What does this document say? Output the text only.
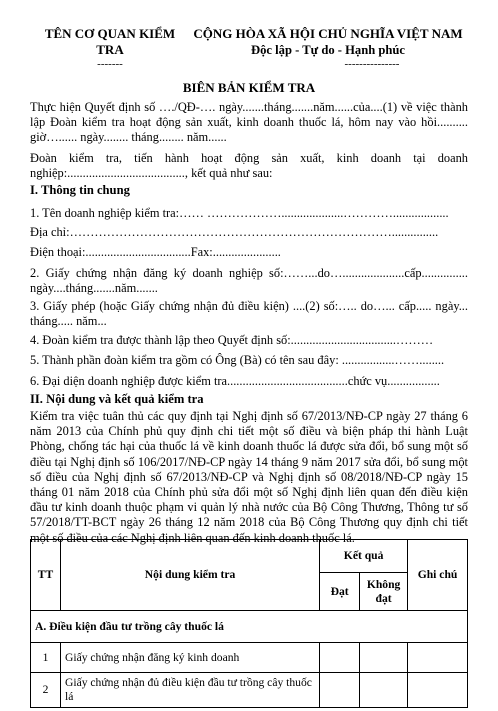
TÊN CƠ QUAN KIỂM TRA
-------
CỘNG HÒA XÃ HỘI CHỦ NGHĨA VIỆT NAM
Độc lập - Tự do - Hạnh phúc
---------------
BIÊN BẢN KIỂM TRA

Thực hiện Quyết định số …./QĐ-…. ngày.......tháng.......năm......của....(1) về việc thành lập Đoàn kiểm tra hoạt động sản xuất, kinh doanh thuốc lá, hôm nay vào hồi.......... giờ…...... ngày........ tháng........ năm......

Đoàn kiểm tra, tiến hành hoạt động sản xuất, kinh doanh tại doanh nghiệp:......................................, kết quả như sau:

I. Thông tin chung
1. Tên doanh nghiệp kiểm tra:…… ………………....................…………..................
Địa chỉ:……………………………………………………………………...............
Điện thoại:..................................Fax:......................
2. Giấy chứng nhận đăng ký doanh nghiệp số:……...do…....................cấp............... ngày....tháng.......năm.......
3. Giấy phép (hoặc Giấy chứng nhận đủ điều kiện) ....(2) số:….. do…... cấp..... ngày... tháng..... năm...
4. Đoàn kiểm tra được thành lập theo Quyết định số:..................................………
5. Thành phần đoàn kiểm tra gồm có Ông (Bà) có tên sau đây: .................……........
6. Đại diện doanh nghiệp được kiểm tra.......................................chức vụ.................
II. Nội dung và kết quả kiểm tra
Kiểm tra việc tuân thủ các quy định tại Nghị định số 67/2013/NĐ-CP ngày 27 tháng 6 năm 2013 của Chính phủ quy định chi tiết một số điều và biện pháp thi hành Luật Phòng, chống tác hại của thuốc lá về kinh doanh thuốc lá được sửa đổi, bổ sung một số điều tại Nghị định số 106/2017/NĐ-CP ngày 14 tháng 9 năm 2017 sửa đổi, bổ sung một số điều của Nghị định số 67/2013/NĐ-CP và Nghị định số 08/2018/NĐ-CP ngày 15 tháng 01 năm 2018 của Chính phủ sửa đổi một số Nghị định liên quan đến điều kiện đầu tư kinh doanh thuộc phạm vi quản lý nhà nước của Bộ Công Thương, Thông tư số 57/2018/TT-BCT ngày 26 tháng 12 năm 2018 của Bộ Công Thương quy định chi tiết một số điều của các Nghị định liên quan đến kinh doanh thuốc lá.
TT	Nội dung kiểm tra	Kết quả		Ghi chú
		Đạt	Không đạt	
A. Điều kiện đầu tư trồng cây thuốc lá				
1	Giấy chứng nhận đăng ký kinh doanh			
2	Giấy chứng nhận đủ điều kiện đầu tư trồng cây thuốc lá			
